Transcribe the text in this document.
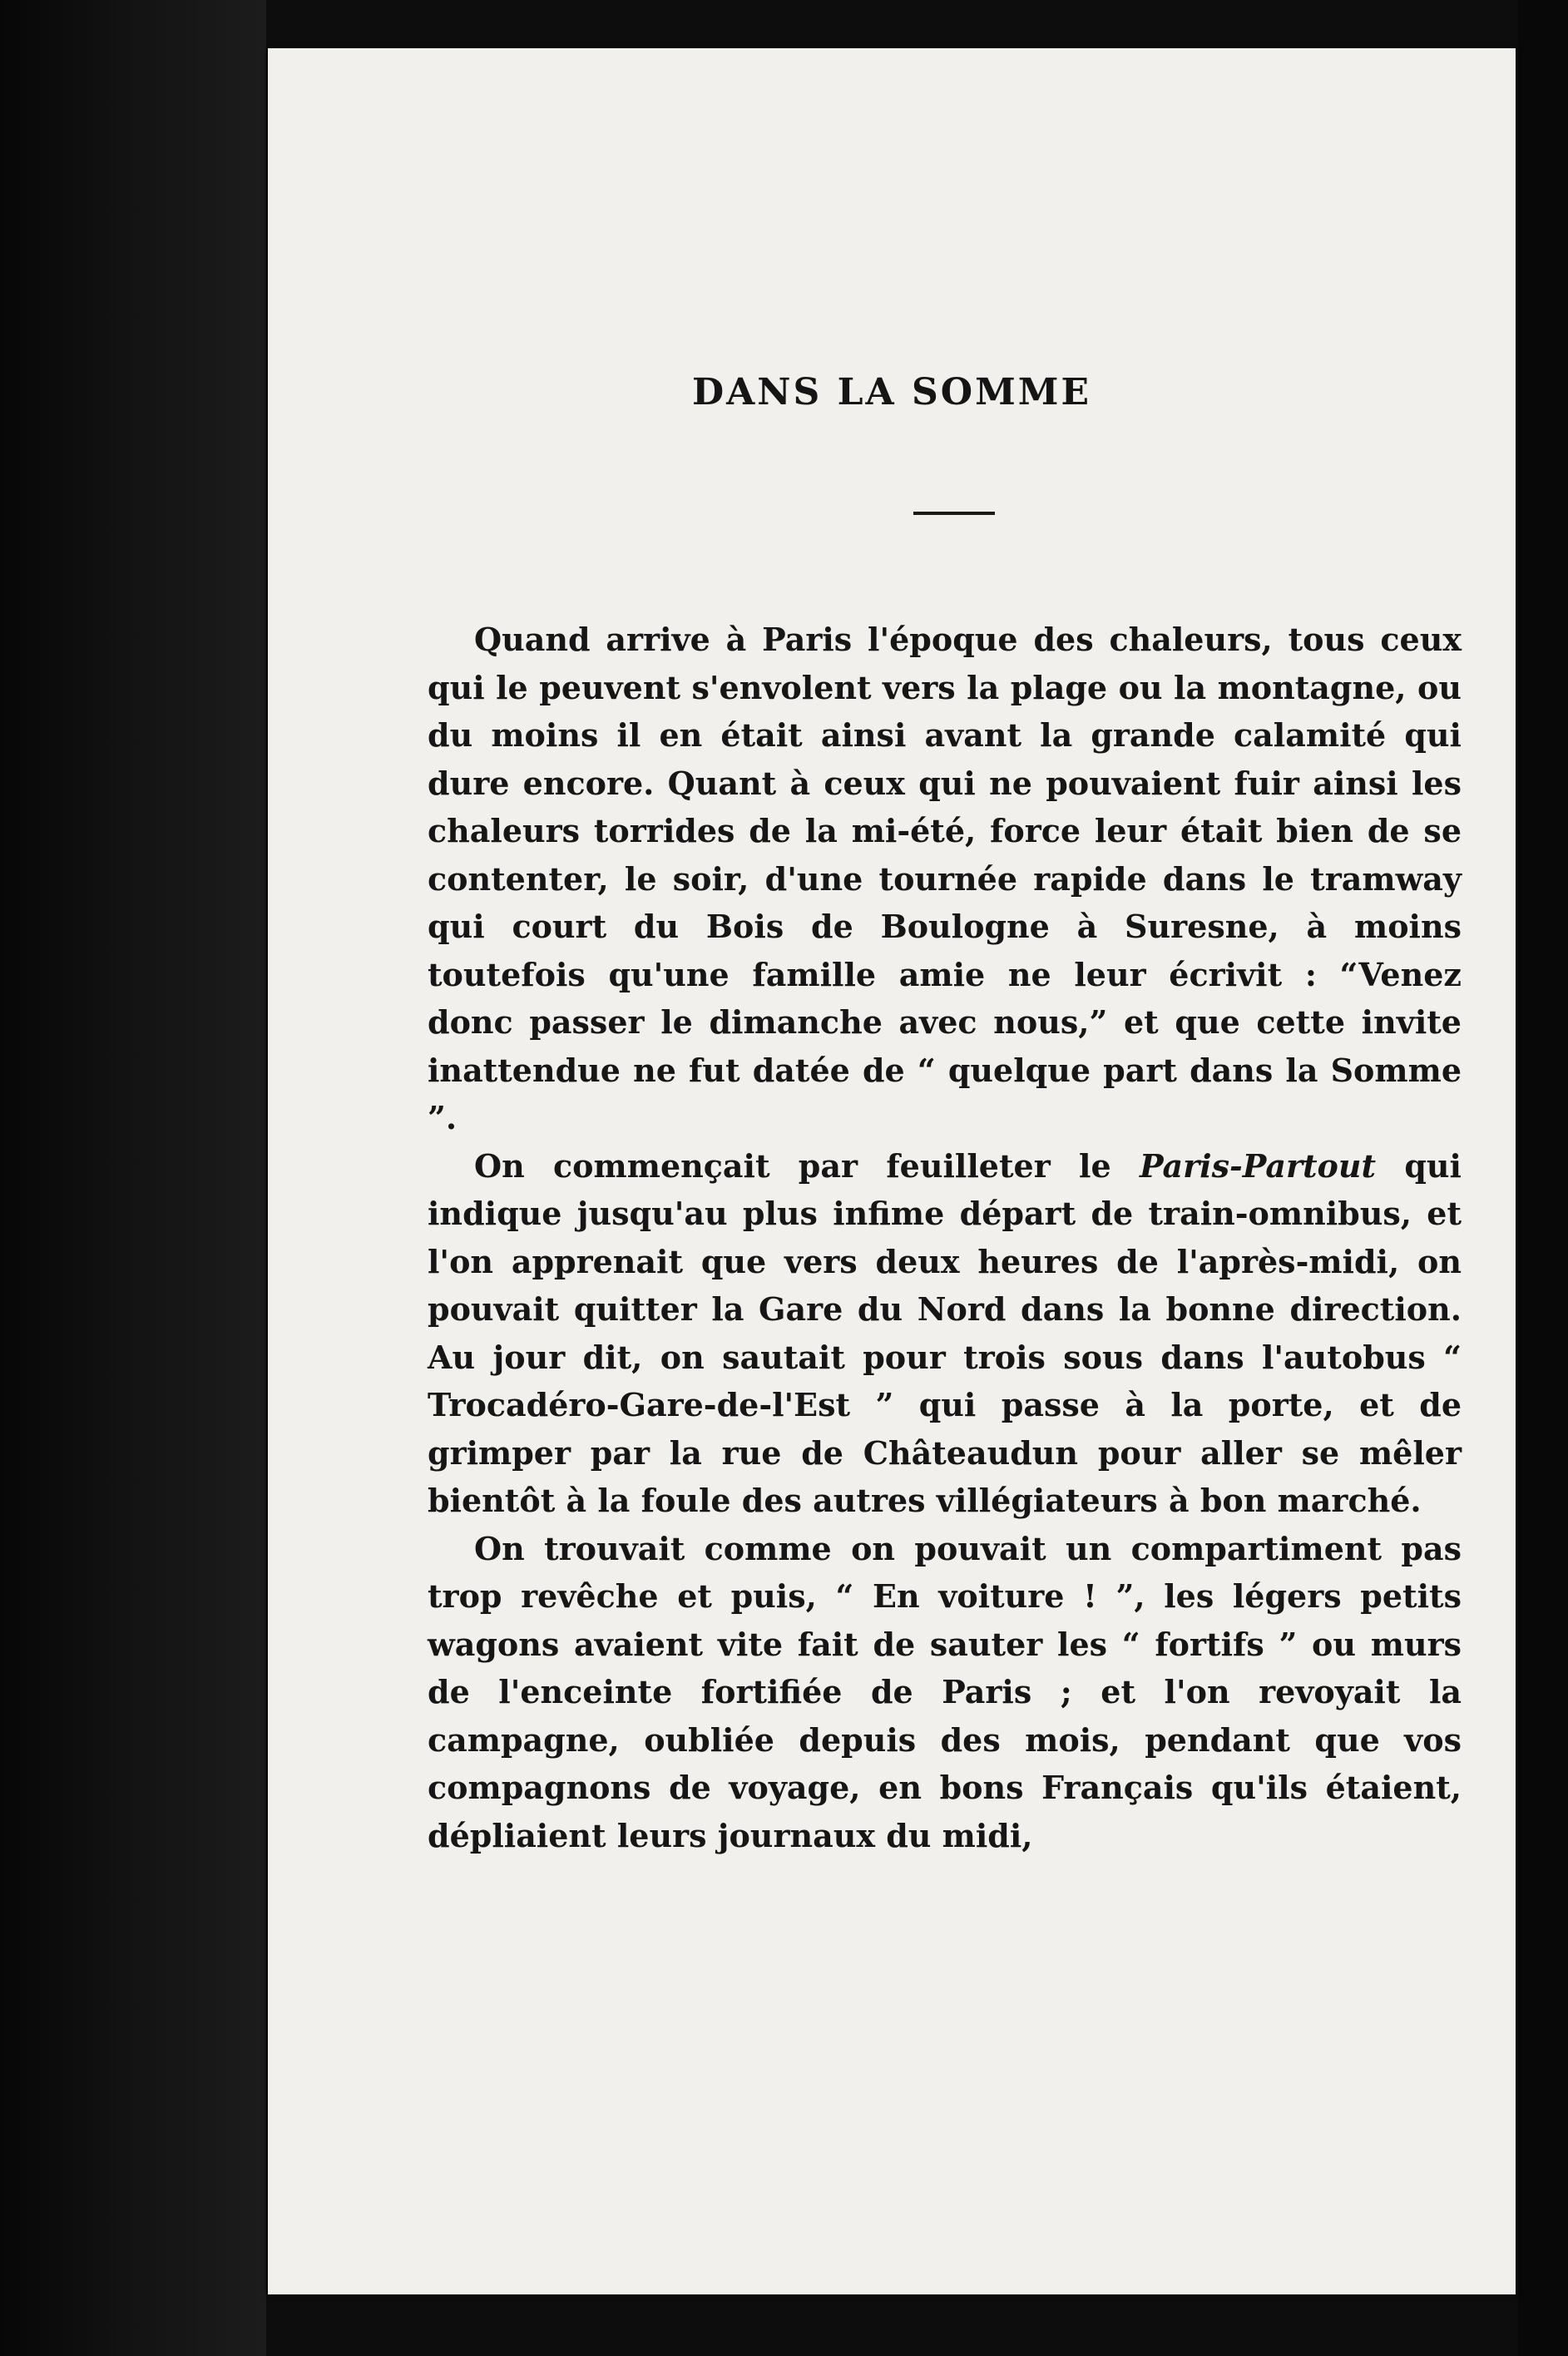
DANS LA SOMME

Quand arrive à Paris l'époque des chaleurs, tous ceux qui le peuvent s'envolent vers la plage ou la montagne, ou du moins il en était ainsi avant la grande calamité qui dure encore. Quant à ceux qui ne pouvaient fuir ainsi les chaleurs torrides de la mi-été, force leur était bien de se contenter, le soir, d'une tournée rapide dans le tramway qui court du Bois de Boulogne à Suresne, à moins toutefois qu'une famille amie ne leur écrivit : “Venez donc passer le dimanche avec nous,” et que cette invite inattendue ne fut datée de “ quelque part dans la Somme ”.

On commençait par feuilleter le Paris-Partout qui indique jusqu'au plus infime départ de train-omnibus, et l'on apprenait que vers deux heures de l'après-midi, on pouvait quitter la Gare du Nord dans la bonne direction. Au jour dit, on sautait pour trois sous dans l'autobus “ Trocadéro-Gare-de-l'Est ” qui passe à la porte, et de grimper par la rue de Châteaudun pour aller se mêler bientôt à la foule des autres villégiateurs à bon marché.

On trouvait comme on pouvait un compartiment pas trop revêche et puis, “ En voiture ! ”, les légers petits wagons avaient vite fait de sauter les “ fortifs ” ou murs de l'enceinte fortifiée de Paris ; et l'on revoyait la campagne, oubliée depuis des mois, pendant que vos compagnons de voyage, en bons Français qu'ils étaient, dépliaient leurs journaux du midi,
